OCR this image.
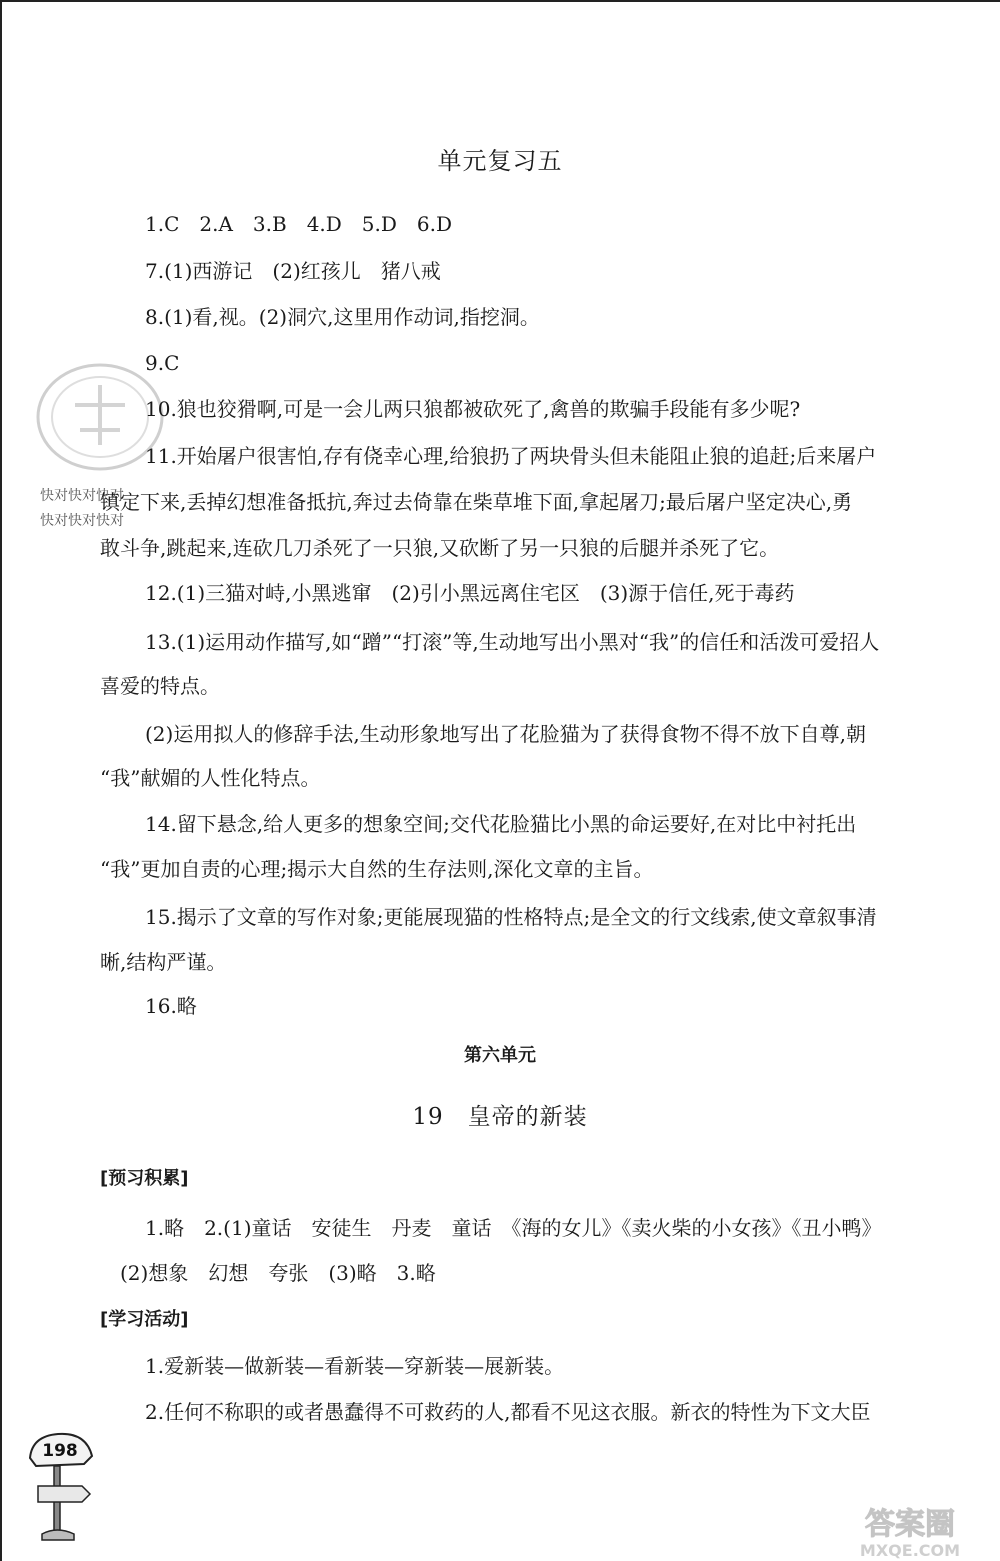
快对快对快对
快对快对快对
单元复习五
1.C　2.A　3.B　4.D　5.D　6.D
7.(1)西游记　(2)红孩儿　猪八戒
8.(1)看,视。(2)洞穴,这里用作动词,指挖洞。
9.C
10.狼也狡猾啊,可是一会儿两只狼都被砍死了,禽兽的欺骗手段能有多少呢?
11.开始屠户很害怕,存有侥幸心理,给狼扔了两块骨头但未能阻止狼的追赶;后来屠户
镇定下来,丢掉幻想准备抵抗,奔过去倚靠在柴草堆下面,拿起屠刀;最后屠户坚定决心,勇
敢斗争,跳起来,连砍几刀杀死了一只狼,又砍断了另一只狼的后腿并杀死了它。
12.(1)三猫对峙,小黑逃窜　(2)引小黑远离住宅区　(3)源于信任,死于毒药
13.(1)运用动作描写,如“蹭”“打滚”等,生动地写出小黑对“我”的信任和活泼可爱招人
喜爱的特点。
(2)运用拟人的修辞手法,生动形象地写出了花脸猫为了获得食物不得不放下自尊,朝
“我”献媚的人性化特点。
14.留下悬念,给人更多的想象空间;交代花脸猫比小黑的命运要好,在对比中衬托出
“我”更加自责的心理;揭示大自然的生存法则,深化文章的主旨。
15.揭示了文章的写作对象;更能展现猫的性格特点;是全文的行文线索,使文章叙事清
晰,结构严谨。
16.略
第六单元
19　皇帝的新装
[预习积累]
1.略　2.(1)童话　安徒生　丹麦　童话　《海的女儿》《卖火柴的小女孩》《丑小鸭》
(2)想象　幻想　夸张　(3)略　3.略
[学习活动]
1.爱新装—做新装—看新装—穿新装—展新装。
2.任何不称职的或者愚蠢得不可救药的人,都看不见这衣服。新衣的特性为下文大臣
198
答案圈
MXQE.COM
